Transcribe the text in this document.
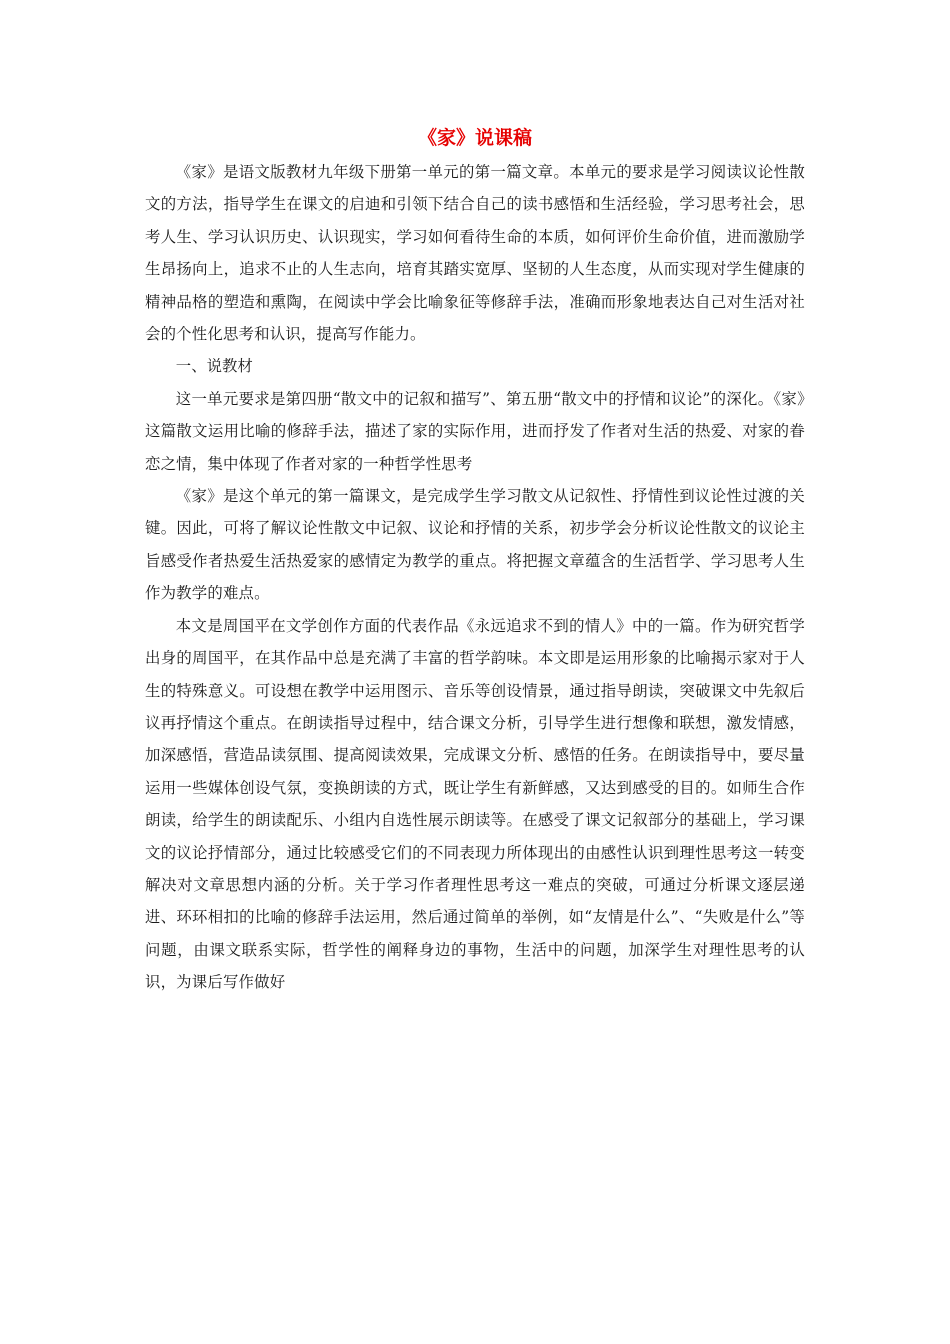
《家》说课稿

《家》是语文版教材九年级下册第一单元的第一篇文章。本单元的要求是学习阅读议论性散文的方法，指导学生在课文的启迪和引领下结合自己的读书感悟和生活经验，学习思考社会，思考人生、学习认识历史、认识现实，学习如何看待生命的本质，如何评价生命价值，进而激励学生昂扬向上，追求不止的人生志向，培育其踏实宽厚、坚韧的人生态度，从而实现对学生健康的精神品格的塑造和熏陶，在阅读中学会比喻象征等修辞手法，准确而形象地表达自己对生活对社会的个性化思考和认识，提高写作能力。

一、说教材

这一单元要求是第四册“散文中的记叙和描写”、第五册“散文中的抒情和议论”的深化。《家》这篇散文运用比喻的修辞手法，描述了家的实际作用，进而抒发了作者对生活的热爱、对家的眷恋之情，集中体现了作者对家的一种哲学性思考

《家》是这个单元的第一篇课文，是完成学生学习散文从记叙性、抒情性到议论性过渡的关键。因此，可将了解议论性散文中记叙、议论和抒情的关系，初步学会分析议论性散文的议论主旨感受作者热爱生活热爱家的感情定为教学的重点。将把握文章蕴含的生活哲学、学习思考人生作为教学的难点。

本文是周国平在文学创作方面的代表作品《永远追求不到的情人》中的一篇。作为研究哲学出身的周国平，在其作品中总是充满了丰富的哲学韵味。本文即是运用形象的比喻揭示家对于人生的特殊意义。可设想在教学中运用图示、音乐等创设情景，通过指导朗读，突破课文中先叙后议再抒情这个重点。在朗读指导过程中，结合课文分析，引导学生进行想像和联想，激发情感，加深感悟，营造品读氛围、提高阅读效果，完成课文分析、感悟的任务。在朗读指导中，要尽量运用一些媒体创设气氛，变换朗读的方式，既让学生有新鲜感，又达到感受的目的。如师生合作朗读，给学生的朗读配乐、小组内自选性展示朗读等。在感受了课文记叙部分的基础上，学习课文的议论抒情部分，通过比较感受它们的不同表现力所体现出的由感性认识到理性思考这一转变解决对文章思想内涵的分析。关于学习作者理性思考这一难点的突破，可通过分析课文逐层递进、环环相扣的比喻的修辞手法运用，然后通过简单的举例，如“友情是什么”、“失败是什么”等问题，由课文联系实际，哲学性的阐释身边的事物，生活中的问题，加深学生对理性思考的认识，为课后写作做好
